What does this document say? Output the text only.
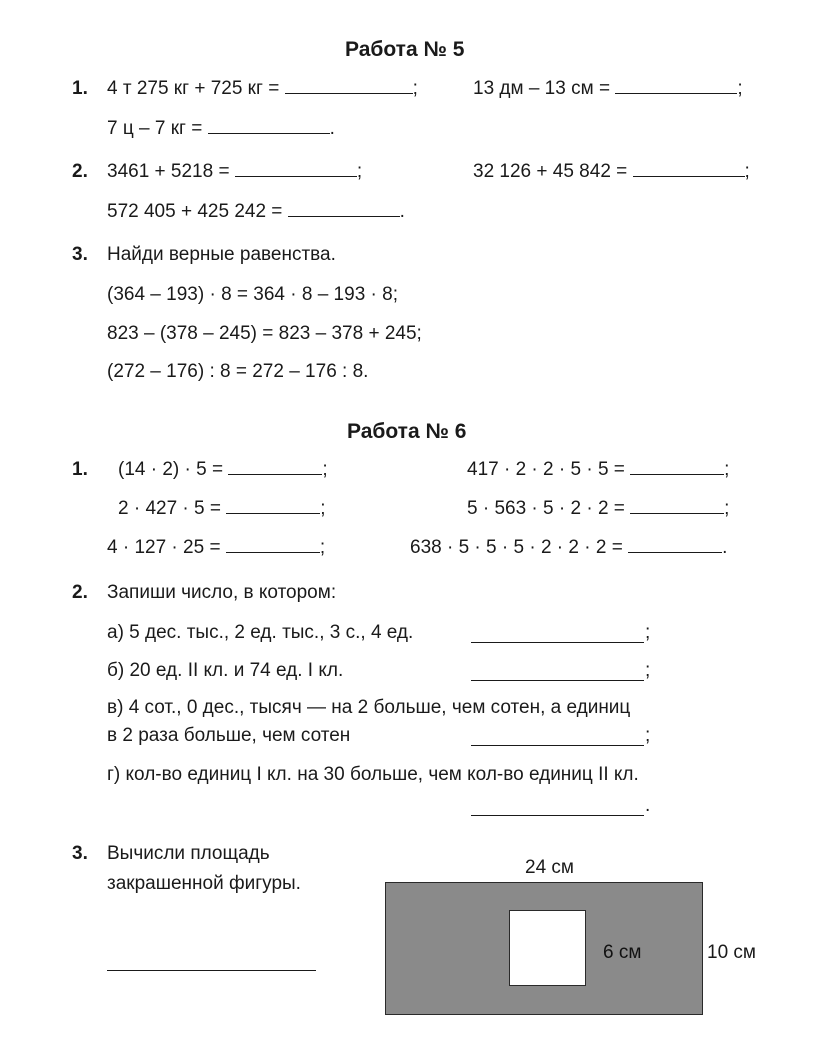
Работа № 5
1. 4 т 275 кг + 725 кг =	;	13 дм – 13 см =	;
7 ц – 7 кг =	.
2. 3461 + 5218 =	;	32 126 + 45 842 =	;
572 405 + 425 242 =	.
3. Найди верные равенства.
(364 – 193) · 8 = 364 · 8 – 193 · 8;
823 – (378 – 245) = 823 – 378 + 245;
(272 – 176) : 8 = 272 – 176 : 8.
Работа № 6
1. (14 · 2) · 5 =	;	417 · 2 · 2 · 5 · 5 =	;
2 · 427 · 5 =	;	5 · 563 · 5 · 2 · 2 =	;
4 · 127 · 25 =	;	638 · 5 · 5 · 5 · 2 · 2 · 2 =	.
2. Запиши число, в котором:
а) 5 дес. тыс., 2 ед. тыс., 3 с., 4 ед.	;
б) 20 ед. II кл. и 74 ед. I кл.	;
в) 4 сот., 0 дес., тысяч — на 2 больше, чем сотен, а единиц
в 2 раза больше, чем сотен	;
г) кол-во единиц I кл. на 30 больше, чем кол-во единиц II кл.
.
3. Вычисли площадь
закрашенной фигуры.
24 см
6 см	10 см
